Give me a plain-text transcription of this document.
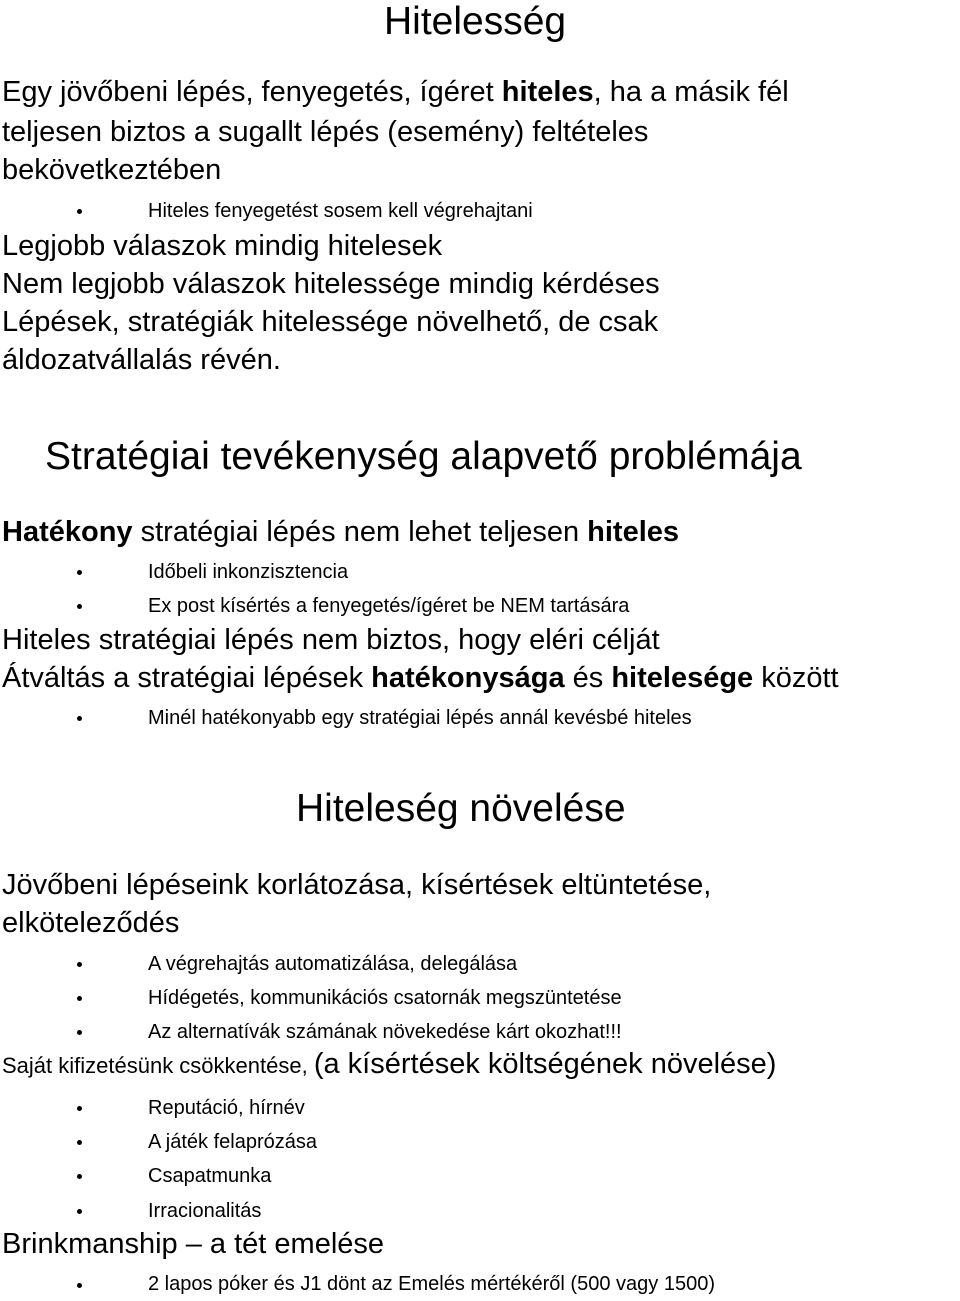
Hitelesség
Egy jövőbeni lépés, fenyegetés, ígéret hiteles, ha a másik fél
teljesen biztos a sugallt lépés (esemény) feltételes
bekövetkeztében
Hiteles fenyegetést sosem kell végrehajtani
Legjobb válaszok mindig hitelesek
Nem legjobb válaszok hitelessége mindig kérdéses
Lépések, stratégiák hitelessége növelhető, de csak
áldozatvállalás révén.
Stratégiai tevékenység alapvető problémája
Hatékony stratégiai lépés nem lehet teljesen hiteles
Időbeli inkonzisztencia
Ex post kísértés a fenyegetés/ígéret be NEM tartására
Hiteles stratégiai lépés nem biztos, hogy eléri célját
Átváltás a stratégiai lépések hatékonysága és hitelesége között
Minél hatékonyabb egy stratégiai lépés annál kevésbé hiteles
Hiteleség növelése
Jövőbeni lépéseink korlátozása, kísértések eltüntetése,
elköteleződés
A végrehajtás automatizálása, delegálása
Hídégetés, kommunikációs csatornák megszüntetése
Az alternatívák számának növekedése kárt okozhat!!!
Saját kifizetésünk csökkentése, (a kísértések költségének növelése)
Reputáció, hírnév
A játék felaprózása
Csapatmunka
Irracionalitás
Brinkmanship – a tét emelése
2 lapos póker és J1 dönt az Emelés mértékéről (500 vagy 1500)
